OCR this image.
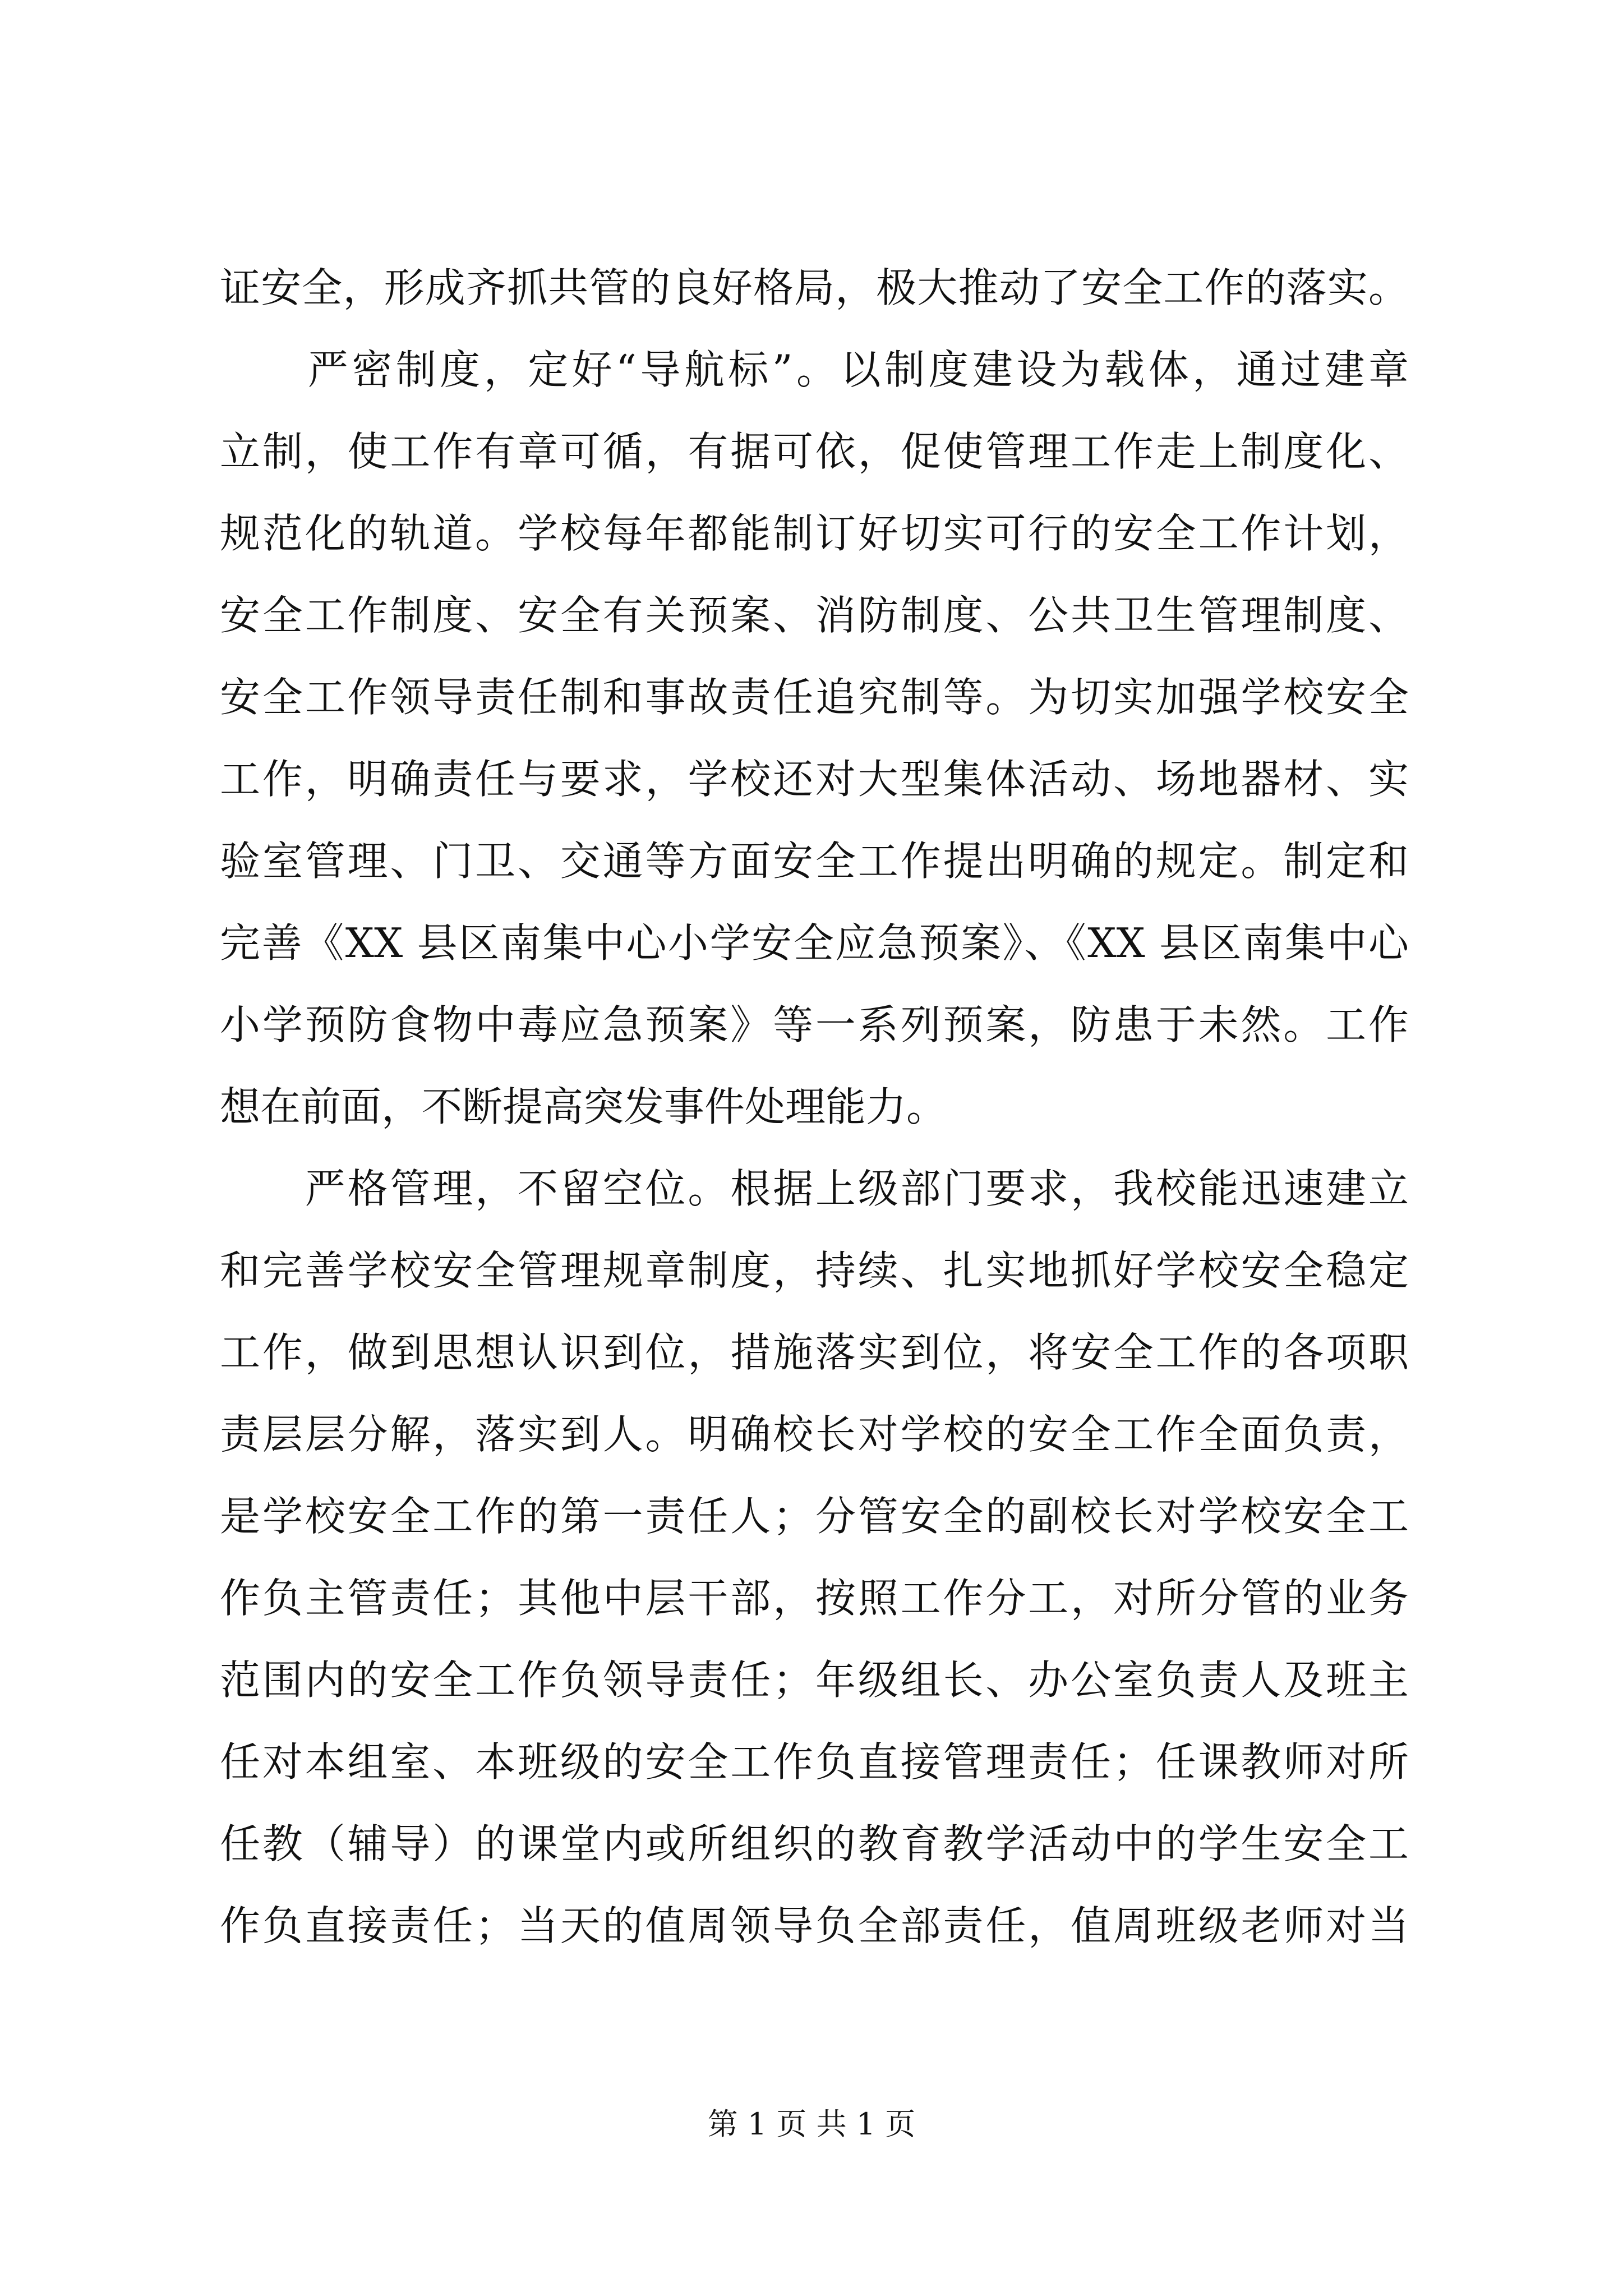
证安全，形成齐抓共管的良好格局，极大推动了安全工作的落实。
　　严密制度，定好“导航标”。以制度建设为载体，通过建章
立制，使工作有章可循，有据可依，促使管理工作走上制度化、
规范化的轨道。学校每年都能制订好切实可行的安全工作计划，
安全工作制度、安全有关预案、消防制度、公共卫生管理制度、
安全工作领导责任制和事故责任追究制等。为切实加强学校安全
工作，明确责任与要求，学校还对大型集体活动、场地器材、实
验室管理、门卫、交通等方面安全工作提出明确的规定。制定和
完善《XX 县区南集中心小学安全应急预案》、《XX 县区南集中心
小学预防食物中毒应急预案》等一系列预案，防患于未然。工作
想在前面，不断提高突发事件处理能力。
　　严格管理，不留空位。根据上级部门要求，我校能迅速建立
和完善学校安全管理规章制度，持续、扎实地抓好学校安全稳定
工作，做到思想认识到位，措施落实到位，将安全工作的各项职
责层层分解，落实到人。明确校长对学校的安全工作全面负责，
是学校安全工作的第一责任人；分管安全的副校长对学校安全工
作负主管责任；其他中层干部，按照工作分工，对所分管的业务
范围内的安全工作负领导责任；年级组长、办公室负责人及班主
任对本组室、本班级的安全工作负直接管理责任；任课教师对所
任教（辅导）的课堂内或所组织的教育教学活动中的学生安全工
作负直接责任；当天的值周领导负全部责任，值周班级老师对当
第 1 页 共 1 页
